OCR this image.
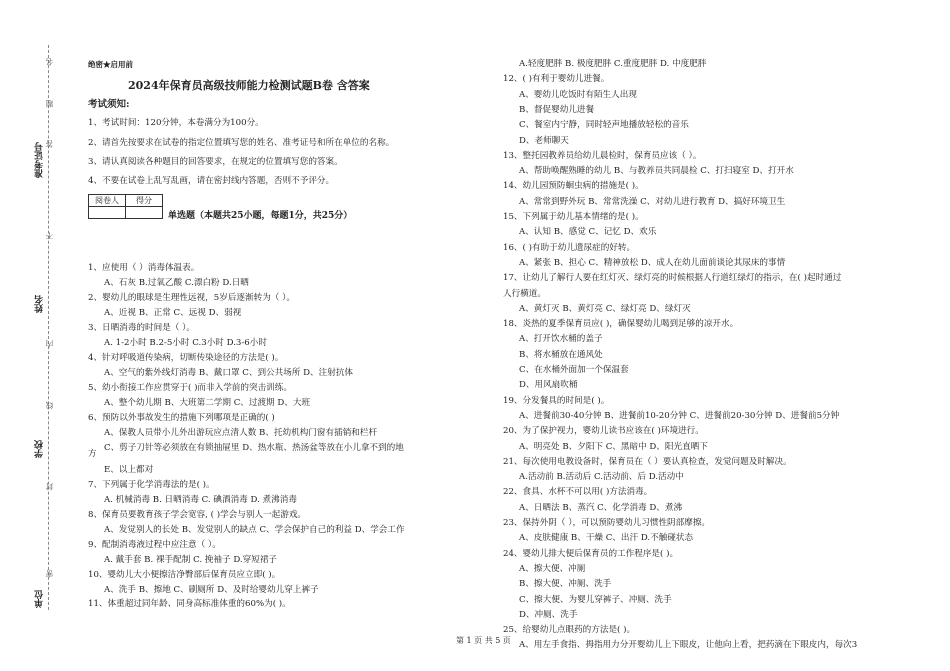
准考证号
姓名
学校
单位
名
题
答
不
内
线
封
密
绝密★启用前
2024年保育员高级技师能力检测试题B卷 含答案
考试须知:
1、考试时间：120分钟，本卷满分为100分。
2、请首先按要求在试卷的指定位置填写您的姓名、准考证号和所在单位的名称。
3、请认真阅读各种题目的回答要求，在规定的位置填写您的答案。
4、不要在试卷上乱写乱画，请在密封线内答题，否则不予评分。
阅卷人	得分

单选题（本题共25小题，每题1分，共25分）
1、应使用（ ）消毒体温表。
A、石灰 B.过氧乙酸 C.漂白粉 D.日晒
2、婴幼儿的眼球是生理性远视，5岁后逐渐转为（ ）。
A、近视 B、正常 C、远视 D、弱视
3、日晒消毒的时间是（ ）。
A. 1-2小时 B.2-5小时 C.3小时 D.3-6小时
4、针对呼吸道传染病，切断传染途径的方法是( )。
A、空气的紫外线灯消毒 B、戴口罩 C、到公共场所 D、注射抗体
5、幼小衔接工作应贯穿于( )而非入学前的突击训练。
A、整个幼儿期 B、大班第二学期 C、过渡期 D、大班
6、预防以外事故发生的措施下列哪项是正确的( )
A、保教人员带小儿外出游玩应点清人数 B、托幼机构门窗有插销和栏杆
C、剪子刀针等必须放在有锁抽屉里 D、热水瓶、热汤盆等放在小儿拿不到的地
方
E、以上都对
7、下列属于化学消毒法的是( )。
A. 机械消毒 B. 日晒消毒 C. 碘酒消毒 D. 煮沸消毒
8、保育员要教育孩子学会宽容, ( )学会与别人一起游戏。
A、发觉别人的长处 B、发觉别人的缺点 C、学会保护自己的利益 D、学会工作
9、配制消毒液过程中应注意（ ）。
A. 戴手套 B. 裸手配制 C. 挽袖子 D.穿短裙子
10、婴幼儿大小便擦洁净臀部后保育员应立即( )。
A、洗手 B、擦地 C、刷厕所 D、及时给婴幼儿穿上裤子
11、体重超过同年龄、同身高标准体重的60%为( )。
A.轻度肥胖 B. 极度肥胖 C.重度肥胖 D. 中度肥胖
12、( )有利于婴幼儿进餐。
A、婴幼儿吃饭时有陌生人出现
B、督促婴幼儿进餐
C、餐室内宁静，同时轻声地播放轻松的音乐
D、老师聊天
13、整托园教养员给幼儿晨检时，保育员应该（ ）。
A、帮助唤醒熟睡的幼儿 B、与教养员共同晨检 C、打扫寝室 D、打开水
14、幼儿园预防蛔虫病的措施是( )。
A、常常到野外玩 B、常常洗澡 C、对幼儿进行教育 D、搞好环境卫生
15、下列属于幼儿基本情绪的是( )。
A、认知 B、感觉 C、记忆 D、欢乐
16、( )有助于幼儿遗尿症的好转。
A、紧张 B、担心 C、精神放松 D、成人在幼儿面前谈论其尿床的事情
17、让幼儿了解行人要在红灯灭、绿灯亮的时候根据人行道红绿灯的指示，在( )起时通过
人行横道。
A、黄灯灭 B、黄灯亮 C、绿灯亮 D、绿灯灭
18、炎热的夏季保育员应( )，确保婴幼儿喝到足够的凉开水。
A、打开饮水桶的盖子
B、将水桶放在通风处
C、在水桶外面加一个保温套
D、用风扇吹桶
19、分发餐具的时间是( )。
A、进餐前30-40分钟 B、进餐前10-20分钟 C、进餐前20-30分钟 D、进餐前5分钟
20、为了保护视力，婴幼儿读书应该在( )环境进行。
A、明亮处 B、夕阳下 C、黑暗中 D、阳光直晒下
21、每次使用电教设备时，保育员在（ ）要认真检查，发觉问题及时解决。
A.活动前 B.活动后 C.活动前、后 D.活动中
22、食具、水杯不可以用( )方法消毒。
A、日晒法 B、蒸汽 C、化学消毒 D、煮沸
23、保持外阴（ ），可以预防婴幼儿习惯性阴部摩擦。
A、皮肤健康 B、干燥 C、出汗 D.不触碰状态
24、婴幼儿排大便后保育员的工作程序是( )。
A、擦大便、冲厕
B、擦大便、冲厕、洗手
C、擦大便、为婴儿穿裤子、冲厕、洗手
D、冲厕、洗手
25、给婴幼儿点眼药的方法是( )。
A、用左手食指、拇指用力分开婴幼儿上下眼皮，让他向上看，把药滴在下眼皮内，每次3
第 1 页 共 5 页
